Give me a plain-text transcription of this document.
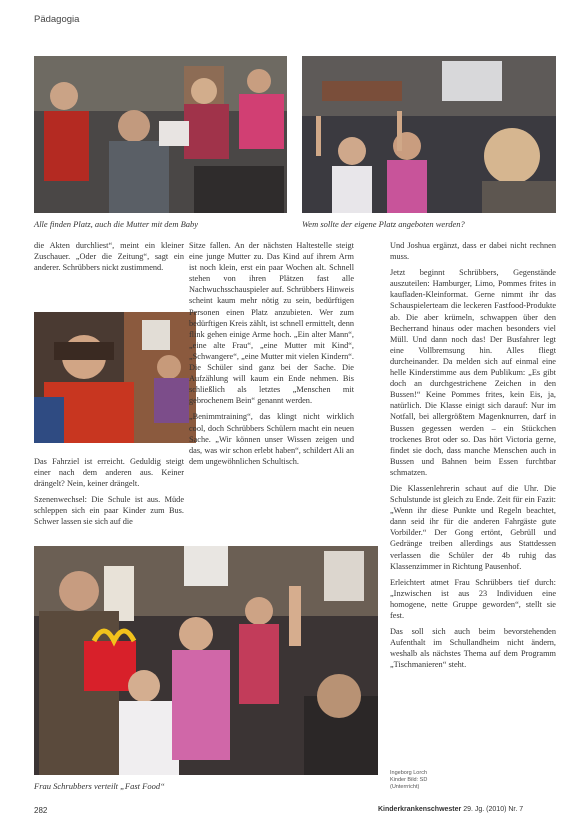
Pädagogia
Alle finden Platz, auch die Mutter mit dem Baby	Wem sollte der eigene Platz angeboten werden?

die Akten durchliest“, meint ein kleiner Zuschauer. „Oder die Zeitung“, sagt ein anderer. Schrübbers nickt zustimmend.

Das Fahrziel ist erreicht. Geduldig steigt einer nach dem anderen aus. Keiner drängelt? Nein, keiner drängelt.

Szenenwechsel: Die Schule ist aus. Müde schleppen sich ein paar Kinder zum Bus. Schwer lassen sie sich auf die

Sitze fallen. An der nächsten Haltestelle steigt eine junge Mutter zu. Das Kind auf ihrem Arm ist noch klein, erst ein paar Wochen alt. Schnell stehen von ihren Plätzen fast alle Nachwuchsschauspieler auf. Schrübbers Hinweis scheint kaum mehr nötig zu sein, bedürftigen Personen einen Platz anzubieten. Wer zum bedürftigen Kreis zählt, ist schnell ermittelt, denn flink gehen einige Arme hoch. „Ein alter Mann“, „eine alte Frau“, „eine Mutter mit Kind“, „Schwangere“, „eine Mutter mit vielen Kindern“. Die Schüler sind ganz bei der Sache. Die Aufzählung will kaum ein Ende nehmen. Bis schließlich als letztes „Menschen mit gebrochenem Bein“ genannt werden.

„Benimmtraining“, das klingt nicht wirklich cool, doch Schrübbers Schülern macht ein neuen Sache. „Wir können unser Wissen zeigen und das, was wir schon erlebt haben“, schildert Ali an dem ungewöhnlichen Schultisch.

Und Joshua ergänzt, dass er dabei nicht rechnen muss.

Jetzt beginnt Schrübbers, Gegenstände auszuteilen: Hamburger, Limo, Pommes frites in kaufladen-Kleinformat. Gerne nimmt ihr das Schauspielerteam die leckeren Fastfood-Produkte ab. Die aber krümeln, schwappen über den Becherrand hinaus oder machen besonders viel Müll. Und dann noch das! Der Busfahrer legt eine Vollbremsung hin. Alles fliegt durcheinander. Da melden sich auf einmal eine helle Kinderstimme aus dem Publikum: „Es gibt doch an durchgestrichene Zeichen in den Bussen!“ Keine Pommes frites, kein Eis, ja, natürlich. Die Klasse einigt sich darauf: Nur im Notfall, bei allergrößtem Magenknurren, darf in Bussen gegessen werden – ein Stückchen trockenes Brot oder so. Das hört Victoria gerne, findet sie doch, dass manche Menschen auch in Bussen und Bahnen beim Essen furchtbar schmatzen.

Die Klassenlehrerin schaut auf die Uhr. Die Schulstunde ist gleich zu Ende. Zeit für ein Fazit: „Wenn ihr diese Punkte und Regeln beachtet, dann seid ihr für die anderen Fahrgäste gute Vorbilder.“ Der Gong ertönt, Gebrüll und Gedränge treiben allerdings aus Stattdessen verlassen die Schüler der 4b ruhig das Klassenzimmer in Richtung Pausenhof.

Erleichtert atmet Frau Schrübbers tief durch: „Inzwischen ist aus 23 Individuen eine homogene, nette Gruppe geworden“, stellt sie fest.

Das soll sich auch beim bevorstehenden Aufenthalt im Schullandheim nicht ändern, weshalb als nächstes Thema auf dem Programm „Tischmanieren“ steht.

Frau Schrubbers verteilt „Fast Food“
Ingeborg Lorch
Kinder Bild: SD
(Unterrricht)
282	Kinderkrankenschwester 29. Jg. (2010) Nr. 7
